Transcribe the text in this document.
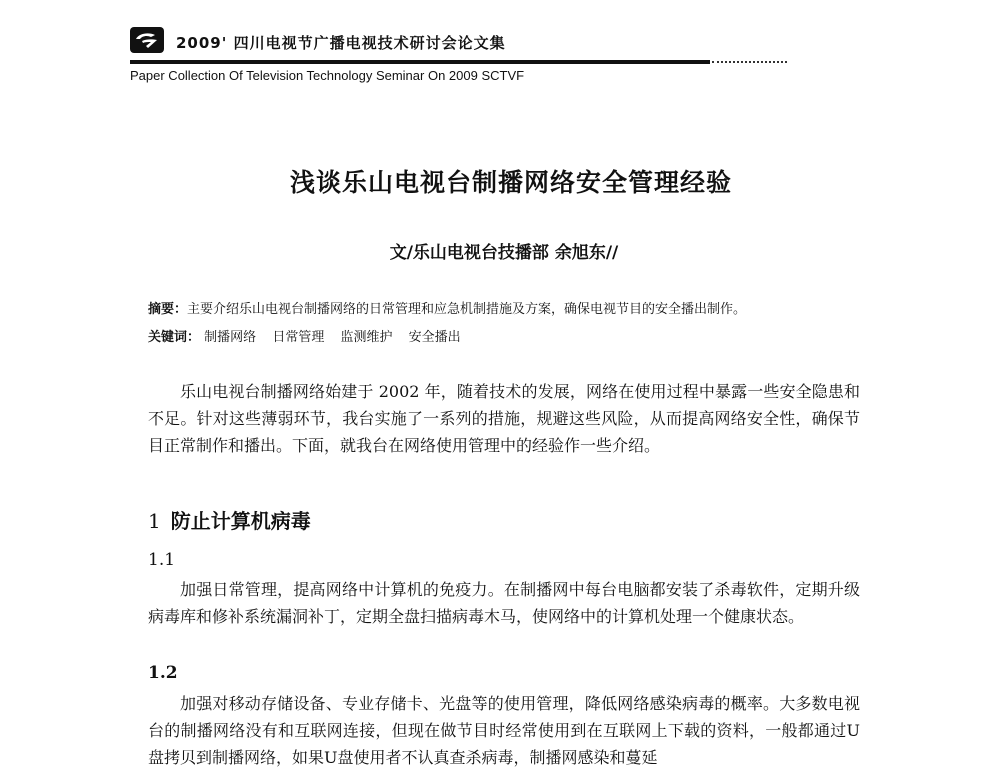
2009' 四川电视节广播电视技术研讨会论文集
Paper Collection Of Television Technology Seminar On 2009 SCTVF
浅谈乐山电视台制播网络安全管理经验
文/乐山电视台技播部 余旭东//
摘要：主要介绍乐山电视台制播网络的日常管理和应急机制措施及方案，确保电视节目的安全播出制作。
关键词： 制播网络 日常管理 监测维护 安全播出

乐山电视台制播网络始建于 2002 年，随着技术的发展，网络在使用过程中暴露一些安全隐患和不足。针对这些薄弱环节，我台实施了一系列的措施，规避这些风险，从而提高网络安全性，确保节目正常制作和播出。下面，就我台在网络使用管理中的经验作一些介绍。

1 防止计算机病毒
1.1

加强日常管理，提高网络中计算机的免疫力。在制播网中每台电脑都安装了杀毒软件，定期升级病毒库和修补系统漏洞补丁，定期全盘扫描病毒木马，使网络中的计算机处理一个健康状态。

1.2

加强对移动存储设备、专业存储卡、光盘等的使用管理，降低网络感染病毒的概率。大多数电视台的制播网络没有和互联网连接，但现在做节目时经常使用到在互联网上下载的资料，一般都通过U盘拷贝到制播网络，如果U盘使用者不认真查杀病毒，制播网感染和蔓延
